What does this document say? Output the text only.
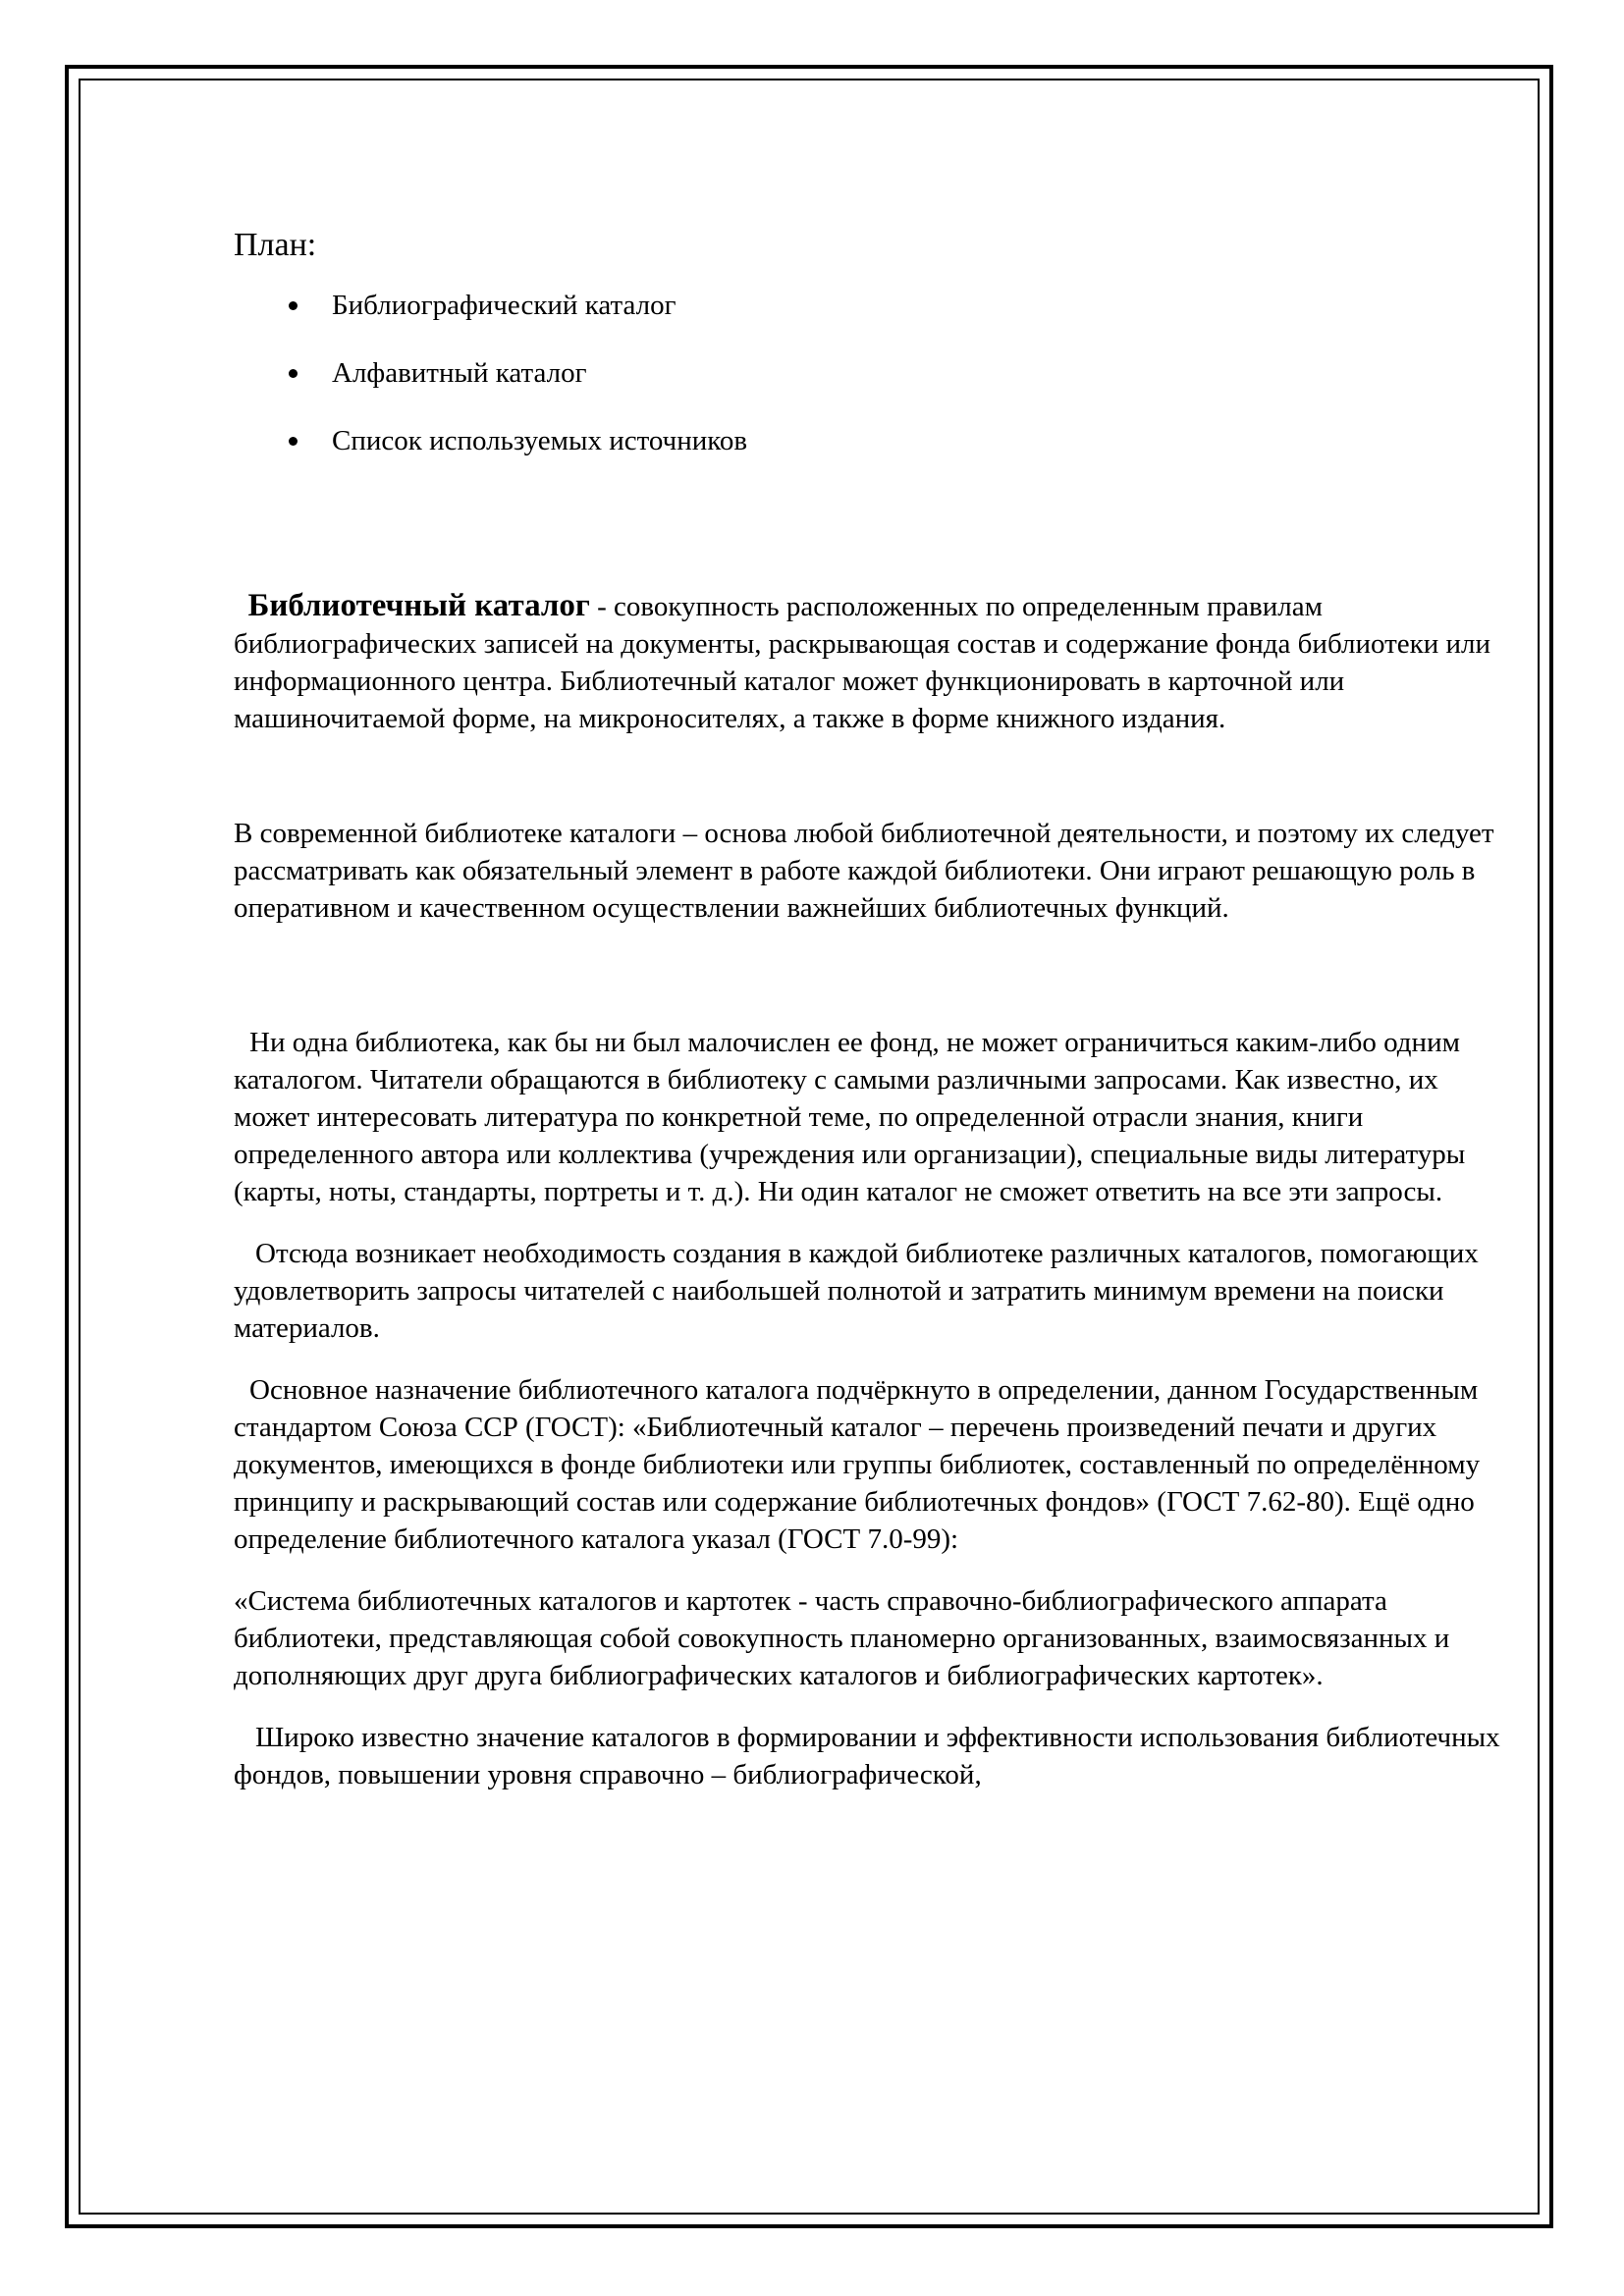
План:
Библиографический каталог
Алфавитный каталог
Список используемых источников

Библиотечный каталог - совокупность расположенных по определенным правилам библиографических записей на документы, раскрывающая состав и содержание фонда библиотеки или информационного центра. Библиотечный каталог может функционировать в карточной или машиночитаемой форме, на микроносителях, а также в форме книжного издания.

В современной библиотеке каталоги – основа любой библиотечной деятельности, и поэтому их следует рассматривать как обязательный элемент в работе каждой библиотеки. Они играют решающую роль в оперативном и качественном осуществлении важнейших библиотечных функций.

Ни одна библиотека, как бы ни был малочислен ее фонд, не может ограничиться каким-либо одним каталогом. Читатели обращаются в библиотеку с самыми различными запросами. Как известно, их может интересовать литература по конкретной теме, по определенной отрасли знания, книги определенного автора или коллектива (учреждения или организации), специальные виды литературы (карты, ноты, стандарты, портреты и т. д.). Ни один каталог не сможет ответить на все эти запросы.

Отсюда возникает необходимость создания в каждой библиотеке различных каталогов, помогающих удовлетворить запросы читателей с наибольшей полнотой и затратить минимум времени на поиски материалов.

Основное назначение библиотечного каталога подчёркнуто в определении, данном Государственным стандартом Союза ССР (ГОСТ): «Библиотечный каталог – перечень произведений печати и других документов, имеющихся в фонде библиотеки или группы библиотек, составленный по определённому принципу и раскрывающий состав или содержание библиотечных фондов» (ГОСТ 7.62-80). Ещё одно определение библиотечного каталога указал (ГОСТ 7.0-99):

«Система библиотечных каталогов и картотек - часть справочно-библиографического аппарата библиотеки, представляющая собой совокупность планомерно организованных, взаимосвязанных и дополняющих друг друга библиографических каталогов и библиографических картотек».

Широко известно значение каталогов в формировании и эффективности использования библиотечных фондов, повышении уровня справочно – библиографической,
